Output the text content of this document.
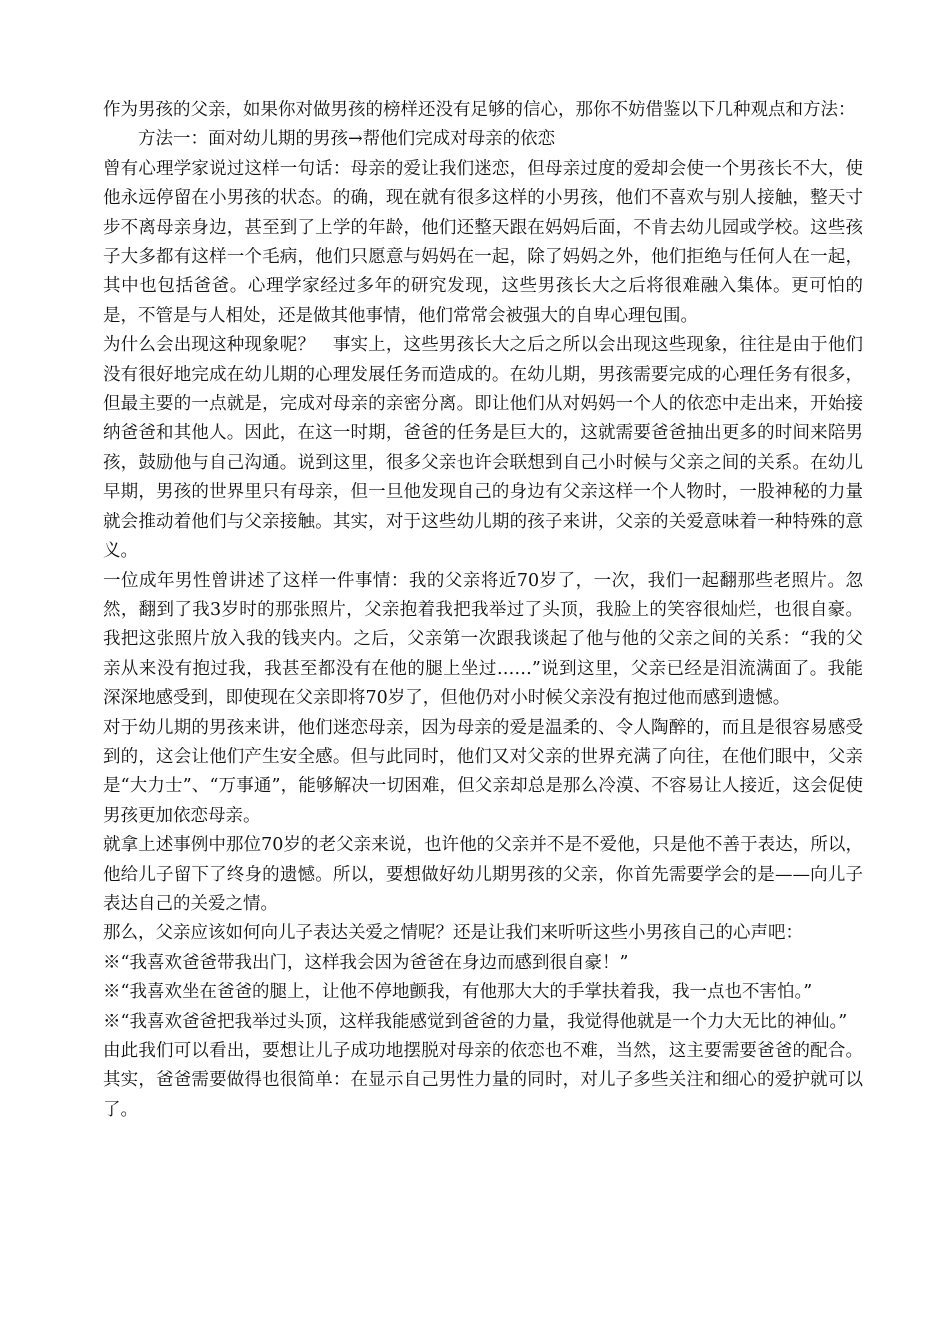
作为男孩的父亲，如果你对做男孩的榜样还没有足够的信心，那你不妨借鉴以下几种观点和方法：

方法一：面对幼儿期的男孩→帮他们完成对母亲的依恋

曾有心理学家说过这样一句话：母亲的爱让我们迷恋，但母亲过度的爱却会使一个男孩长不大，使他永远停留在小男孩的状态。的确，现在就有很多这样的小男孩，他们不喜欢与别人接触，整天寸步不离母亲身边，甚至到了上学的年龄，他们还整天跟在妈妈后面，不肯去幼儿园或学校。这些孩子大多都有这样一个毛病，他们只愿意与妈妈在一起，除了妈妈之外，他们拒绝与任何人在一起，其中也包括爸爸。心理学家经过多年的研究发现，这些男孩长大之后将很难融入集体。更可怕的是，不管是与人相处，还是做其他事情，他们常常会被强大的自卑心理包围。

为什么会出现这种现象呢？　事实上，这些男孩长大之后之所以会出现这些现象，往往是由于他们没有很好地完成在幼儿期的心理发展任务而造成的。在幼儿期，男孩需要完成的心理任务有很多，但最主要的一点就是，完成对母亲的亲密分离。即让他们从对妈妈一个人的依恋中走出来，开始接纳爸爸和其他人。因此，在这一时期，爸爸的任务是巨大的，这就需要爸爸抽出更多的时间来陪男孩，鼓励他与自己沟通。说到这里，很多父亲也许会联想到自己小时候与父亲之间的关系。在幼儿早期，男孩的世界里只有母亲，但一旦他发现自己的身边有父亲这样一个人物时，一股神秘的力量就会推动着他们与父亲接触。其实，对于这些幼儿期的孩子来讲，父亲的关爱意味着一种特殊的意义。

一位成年男性曾讲述了这样一件事情：我的父亲将近70岁了，一次，我们一起翻那些老照片。忽然，翻到了我3岁时的那张照片，父亲抱着我把我举过了头顶，我脸上的笑容很灿烂，也很自豪。我把这张照片放入我的钱夹内。之后，父亲第一次跟我谈起了他与他的父亲之间的关系：“我的父亲从来没有抱过我，我甚至都没有在他的腿上坐过……”说到这里，父亲已经是泪流满面了。我能深深地感受到，即使现在父亲即将70岁了，但他仍对小时候父亲没有抱过他而感到遗憾。

对于幼儿期的男孩来讲，他们迷恋母亲，因为母亲的爱是温柔的、令人陶醉的，而且是很容易感受到的，这会让他们产生安全感。但与此同时，他们又对父亲的世界充满了向往，在他们眼中，父亲是“大力士”、“万事通”，能够解决一切困难，但父亲却总是那么冷漠、不容易让人接近，这会促使男孩更加依恋母亲。

就拿上述事例中那位70岁的老父亲来说，也许他的父亲并不是不爱他，只是他不善于表达，所以，他给儿子留下了终身的遗憾。所以，要想做好幼儿期男孩的父亲，你首先需要学会的是——向儿子表达自己的关爱之情。

那么，父亲应该如何向儿子表达关爱之情呢？还是让我们来听听这些小男孩自己的心声吧：

※“我喜欢爸爸带我出门，这样我会因为爸爸在身边而感到很自豪！”

※“我喜欢坐在爸爸的腿上，让他不停地颤我，有他那大大的手掌扶着我，我一点也不害怕。”

※“我喜欢爸爸把我举过头顶，这样我能感觉到爸爸的力量，我觉得他就是一个力大无比的神仙。”

由此我们可以看出，要想让儿子成功地摆脱对母亲的依恋也不难，当然，这主要需要爸爸的配合。其实，爸爸需要做得也很简单：在显示自己男性力量的同时，对儿子多些关注和细心的爱护就可以了。
